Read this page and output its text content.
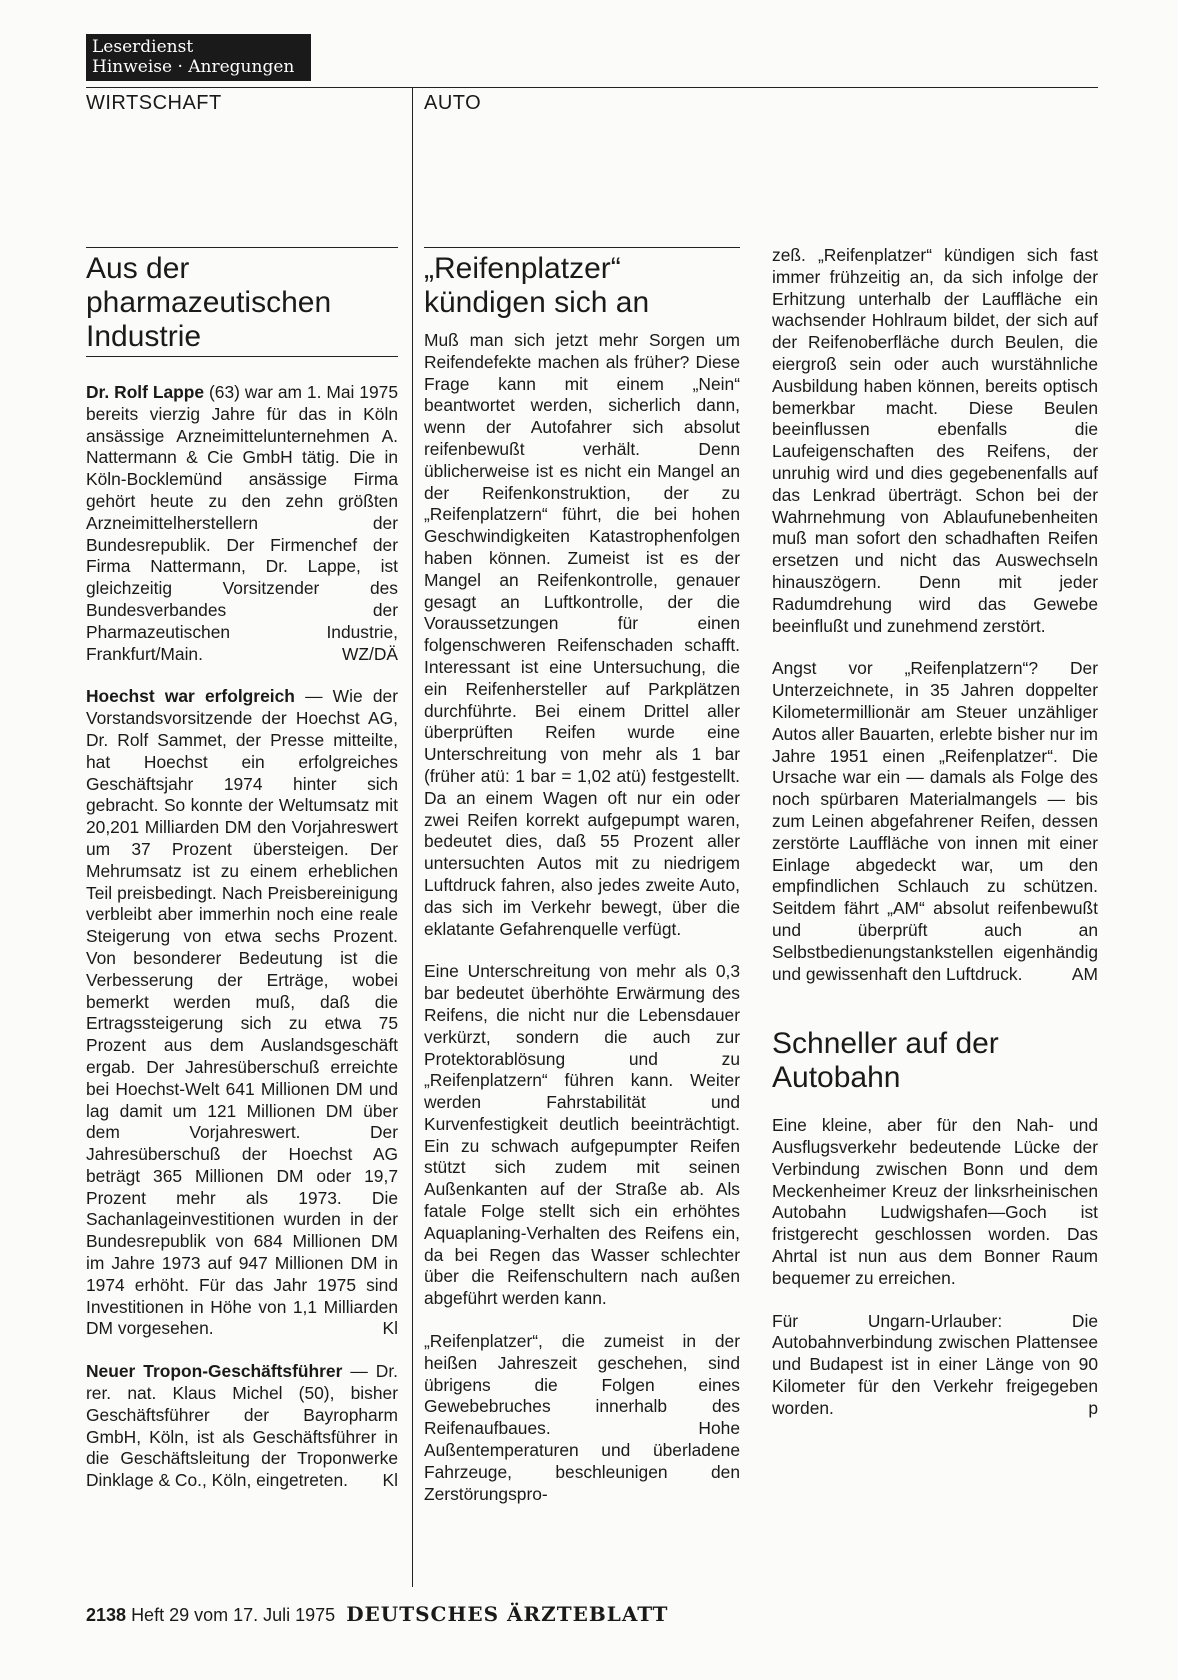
Leserdienst
Hinweise · Anregungen
WIRTSCHAFT	AUTO
Aus der pharmazeutischen Industrie

Dr. Rolf Lappe (63) war am 1. Mai 1975 bereits vierzig Jahre für das in Köln ansässige Arzneimittelunternehmen A. Nattermann & Cie GmbH tätig. Die in Köln-Bocklemünd ansässige Firma gehört heute zu den zehn größten Arzneimittelherstellern der Bundesrepublik. Der Firmenchef der Firma Nattermann, Dr. Lappe, ist gleichzeitig Vorsitzender des Bundesverbandes der Pharmazeutischen Industrie, Frankfurt/Main.	WZ/DÄ

Hoechst war erfolgreich — Wie der Vorstandsvorsitzende der Hoechst AG, Dr. Rolf Sammet, der Presse mitteilte, hat Hoechst ein erfolgreiches Geschäftsjahr 1974 hinter sich gebracht. So konnte der Weltumsatz mit 20,201 Milliarden DM den Vorjahreswert um 37 Prozent übersteigen. Der Mehrumsatz ist zu einem erheblichen Teil preisbedingt. Nach Preisbereinigung verbleibt aber immerhin noch eine reale Steigerung von etwa sechs Prozent. Von besonderer Bedeutung ist die Verbesserung der Erträge, wobei bemerkt werden muß, daß die Ertragssteigerung sich zu etwa 75 Prozent aus dem Auslandsgeschäft ergab. Der Jahresüberschuß erreichte bei Hoechst-Welt 641 Millionen DM und lag damit um 121 Millionen DM über dem Vorjahreswert. Der Jahresüberschuß der Hoechst AG beträgt 365 Millionen DM oder 19,7 Prozent mehr als 1973. Die Sachanlageinvestitionen wurden in der Bundesrepublik von 684 Millionen DM im Jahre 1973 auf 947 Millionen DM in 1974 erhöht. Für das Jahr 1975 sind Investitionen in Höhe von 1,1 Milliarden DM vorgesehen.	Kl

Neuer Tropon-Geschäftsführer — Dr. rer. nat. Klaus Michel (50), bisher Geschäftsführer der Bayropharm GmbH, Köln, ist als Geschäftsführer in die Geschäftsleitung der Troponwerke Dinklage & Co., Köln, eingetreten. Kl

„Reifenplatzer“ kündigen sich an

Muß man sich jetzt mehr Sorgen um Reifendefekte machen als früher? Diese Frage kann mit einem „Nein“ beantwortet werden, sicherlich dann, wenn der Autofahrer sich absolut reifenbewußt verhält. Denn üblicherweise ist es nicht ein Mangel an der Reifenkonstruktion, der zu „Reifenplatzern“ führt, die bei hohen Geschwindigkeiten Katastrophenfolgen haben können. Zumeist ist es der Mangel an Reifenkontrolle, genauer gesagt an Luftkontrolle, der die Voraussetzungen für einen folgenschweren Reifenschaden schafft. Interessant ist eine Untersuchung, die ein Reifenhersteller auf Parkplätzen durchführte. Bei einem Drittel aller überprüften Reifen wurde eine Unterschreitung von mehr als 1 bar (früher atü: 1 bar = 1,02 atü) festgestellt. Da an einem Wagen oft nur ein oder zwei Reifen korrekt aufgepumpt waren, bedeutet dies, daß 55 Prozent aller untersuchten Autos mit zu niedrigem Luftdruck fahren, also jedes zweite Auto, das sich im Verkehr bewegt, über die eklatante Gefahrenquelle verfügt.

Eine Unterschreitung von mehr als 0,3 bar bedeutet überhöhte Erwärmung des Reifens, die nicht nur die Lebensdauer verkürzt, sondern die auch zur Protektorablösung und zu „Reifenplatzern“ führen kann. Weiter werden Fahrstabilität und Kurvenfestigkeit deutlich beeinträchtigt. Ein zu schwach aufgepumpter Reifen stützt sich zudem mit seinen Außenkanten auf der Straße ab. Als fatale Folge stellt sich ein erhöhtes Aquaplaning-Verhalten des Reifens ein, da bei Regen das Wasser schlechter über die Reifenschultern nach außen abgeführt werden kann.

„Reifenplatzer“, die zumeist in der heißen Jahreszeit geschehen, sind übrigens die Folgen eines Gewebebruches innerhalb des Reifenaufbaues. Hohe Außentemperaturen und überladene Fahrzeuge, beschleunigen den Zerstörungspro-

zeß. „Reifenplatzer“ kündigen sich fast immer frühzeitig an, da sich infolge der Erhitzung unterhalb der Lauffläche ein wachsender Hohlraum bildet, der sich auf der Reifenoberfläche durch Beulen, die eiergroß sein oder auch wurstähnliche Ausbildung haben können, bereits optisch bemerkbar macht. Diese Beulen beeinflussen ebenfalls die Laufeigenschaften des Reifens, der unruhig wird und dies gegebenenfalls auf das Lenkrad überträgt. Schon bei der Wahrnehmung von Ablaufunebenheiten muß man sofort den schadhaften Reifen ersetzen und nicht das Auswechseln hinauszögern. Denn mit jeder Radumdrehung wird das Gewebe beeinflußt und zunehmend zerstört.

Angst vor „Reifenplatzern“? Der Unterzeichnete, in 35 Jahren doppelter Kilometermillionär am Steuer unzähliger Autos aller Bauarten, erlebte bisher nur im Jahre 1951 einen „Reifenplatzer“. Die Ursache war ein — damals als Folge des noch spürbaren Materialmangels — bis zum Leinen abgefahrener Reifen, dessen zerstörte Lauffläche von innen mit einer Einlage abgedeckt war, um den empfindlichen Schlauch zu schützen. Seitdem fährt „AM“ absolut reifenbewußt und überprüft auch an Selbstbedienungstankstellen eigenhändig und gewissenhaft den Luftdruck.	AM

Schneller auf der Autobahn

Eine kleine, aber für den Nah- und Ausflugsverkehr bedeutende Lücke der Verbindung zwischen Bonn und dem Meckenheimer Kreuz der linksrheinischen Autobahn Ludwigshafen—Goch ist fristgerecht geschlossen worden. Das Ahrtal ist nun aus dem Bonner Raum bequemer zu erreichen.

Für Ungarn-Urlauber: Die Autobahnverbindung zwischen Plattensee und Budapest ist in einer Länge von 90 Kilometer für den Verkehr freigegeben worden.	p

2138 Heft 29 vom 17. Juli 1975 DEUTSCHES ÄRZTEBLATT
